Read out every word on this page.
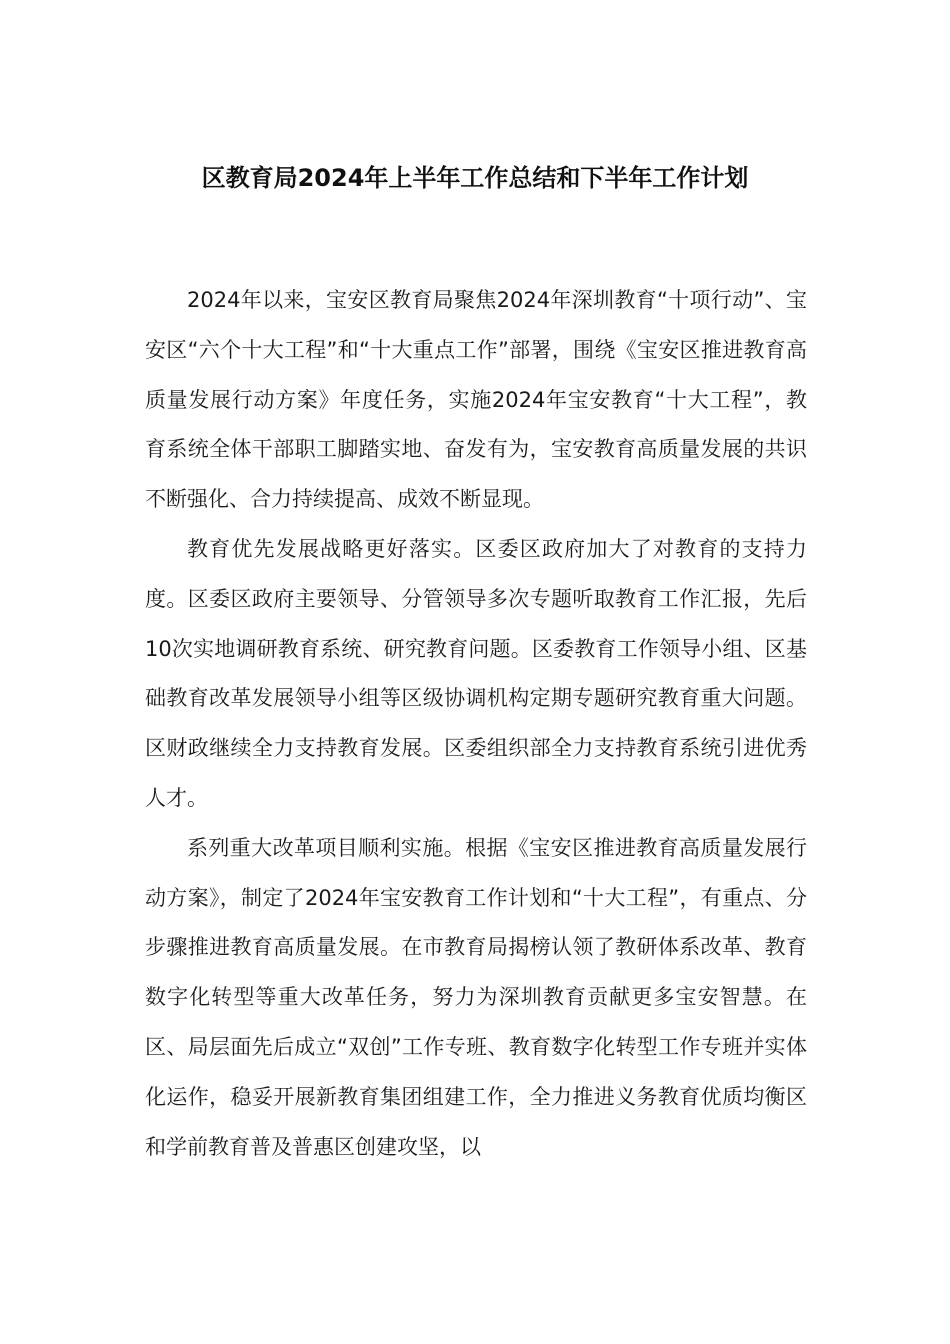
区教育局2024年上半年工作总结和下半年工作计划

2024年以来，宝安区教育局聚焦2024年深圳教育“十项行动”、宝安区“六个十大工程”和“十大重点工作”部署，围绕《宝安区推进教育高质量发展行动方案》年度任务，实施2024年宝安教育“十大工程”，教育系统全体干部职工脚踏实地、奋发有为，宝安教育高质量发展的共识不断强化、合力持续提高、成效不断显现。

教育优先发展战略更好落实。区委区政府加大了对教育的支持力度。区委区政府主要领导、分管领导多次专题听取教育工作汇报，先后10次实地调研教育系统、研究教育问题。区委教育工作领导小组、区基础教育改革发展领导小组等区级协调机构定期专题研究教育重大问题。区财政继续全力支持教育发展。区委组织部全力支持教育系统引进优秀人才。

系列重大改革项目顺利实施。根据《宝安区推进教育高质量发展行动方案》，制定了2024年宝安教育工作计划和“十大工程”，有重点、分步骤推进教育高质量发展。在市教育局揭榜认领了教研体系改革、教育数字化转型等重大改革任务，努力为深圳教育贡献更多宝安智慧。在区、局层面先后成立“双创”工作专班、教育数字化转型工作专班并实体化运作，稳妥开展新教育集团组建工作，全力推进义务教育优质均衡区和学前教育普及普惠区创建攻坚，以
